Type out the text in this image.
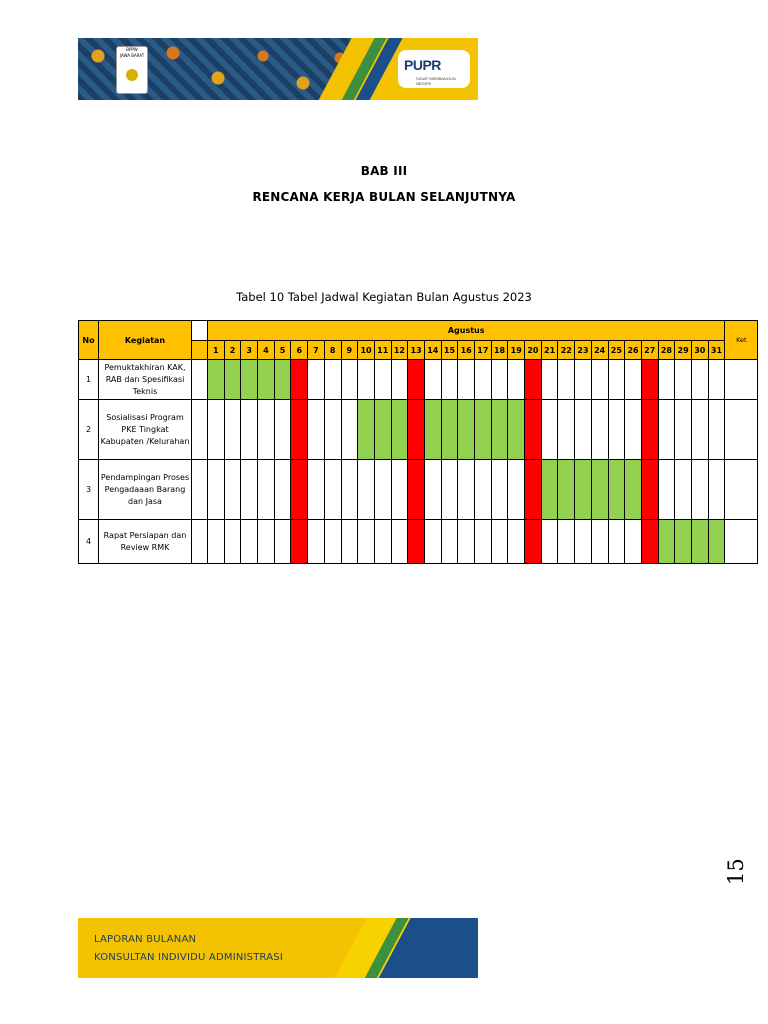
BPPW
JAWA BARAT
PUPR
SIGAP MEMBANGUN NEGERI
BAB III
RENCANA KERJA BULAN SELANJUTNYA
Tabel 10 Tabel Jadwal Kegiatan Bulan Agustus 2023
No	Kegiatan		Agustus																															Ket
			1	2	3	4	5	6	7	8	9	10	11	12	13	14	15	16	17	18	19	20	21	22	23	24	25	26	27	28	29	30	31	
1	Pemuktakhiran KAK, RAB dan Spesifikasi Teknis																																	
2	Sosialisasi Program PKE Tingkat Kabupaten /Kelurahan																																	
3	Pendampingan Proses Pengadaaan Barang dan Jasa																																	
4	Rapat Persiapan dan Review RMK																																	
15
LAPORAN BULANAN
KONSULTAN INDIVIDU ADMINISTRASI
